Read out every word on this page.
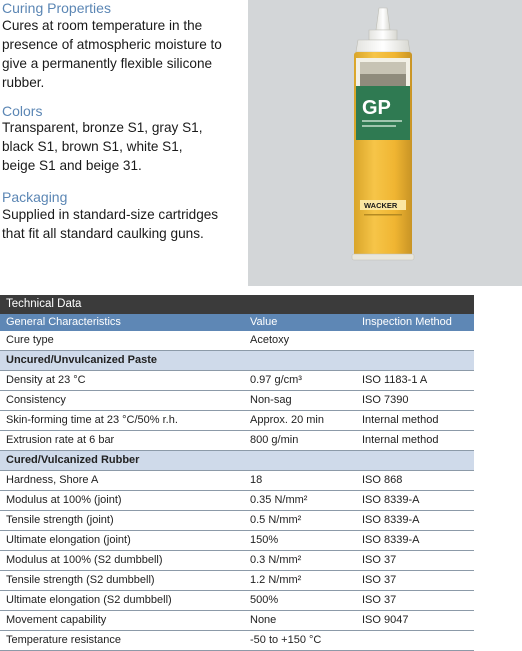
Curing Properties
Cures at room temperature in the
presence of atmospheric moisture to
give a permanently flexible silicone
rubber.
Colors
Transparent, bronze S1, gray S1,
black S1, brown S1, white S1,
beige S1 and beige 31.
Packaging
Supplied in standard-size cartridges
that fit all standard caulking guns.
GP
WACKER
Technical Data
General Characteristics	Value	Inspection Method
Cure type	Acetoxy
Uncured/Unvulcanized Paste
Density at 23 °C	0.97 g/cm³	ISO 1183-1 A
Consistency	Non-sag	ISO 7390
Skin-forming time at 23 °C/50% r.h.	Approx. 20 min	Internal method
Extrusion rate at 6 bar	800 g/min	Internal method
Cured/Vulcanized Rubber
Hardness, Shore A	18	ISO 868
Modulus at 100% (joint)	0.35 N/mm²	ISO 8339-A
Tensile strength (joint)	0.5 N/mm²	ISO 8339-A
Ultimate elongation (joint)	150%	ISO 8339-A
Modulus at 100% (S2 dumbbell)	0.3 N/mm²	ISO 37
Tensile strength (S2 dumbbell)	1.2 N/mm²	ISO 37
Ultimate elongation (S2 dumbbell)	500%	ISO 37
Movement capability	None	ISO 9047
Temperature resistance	-50 to +150 °C
